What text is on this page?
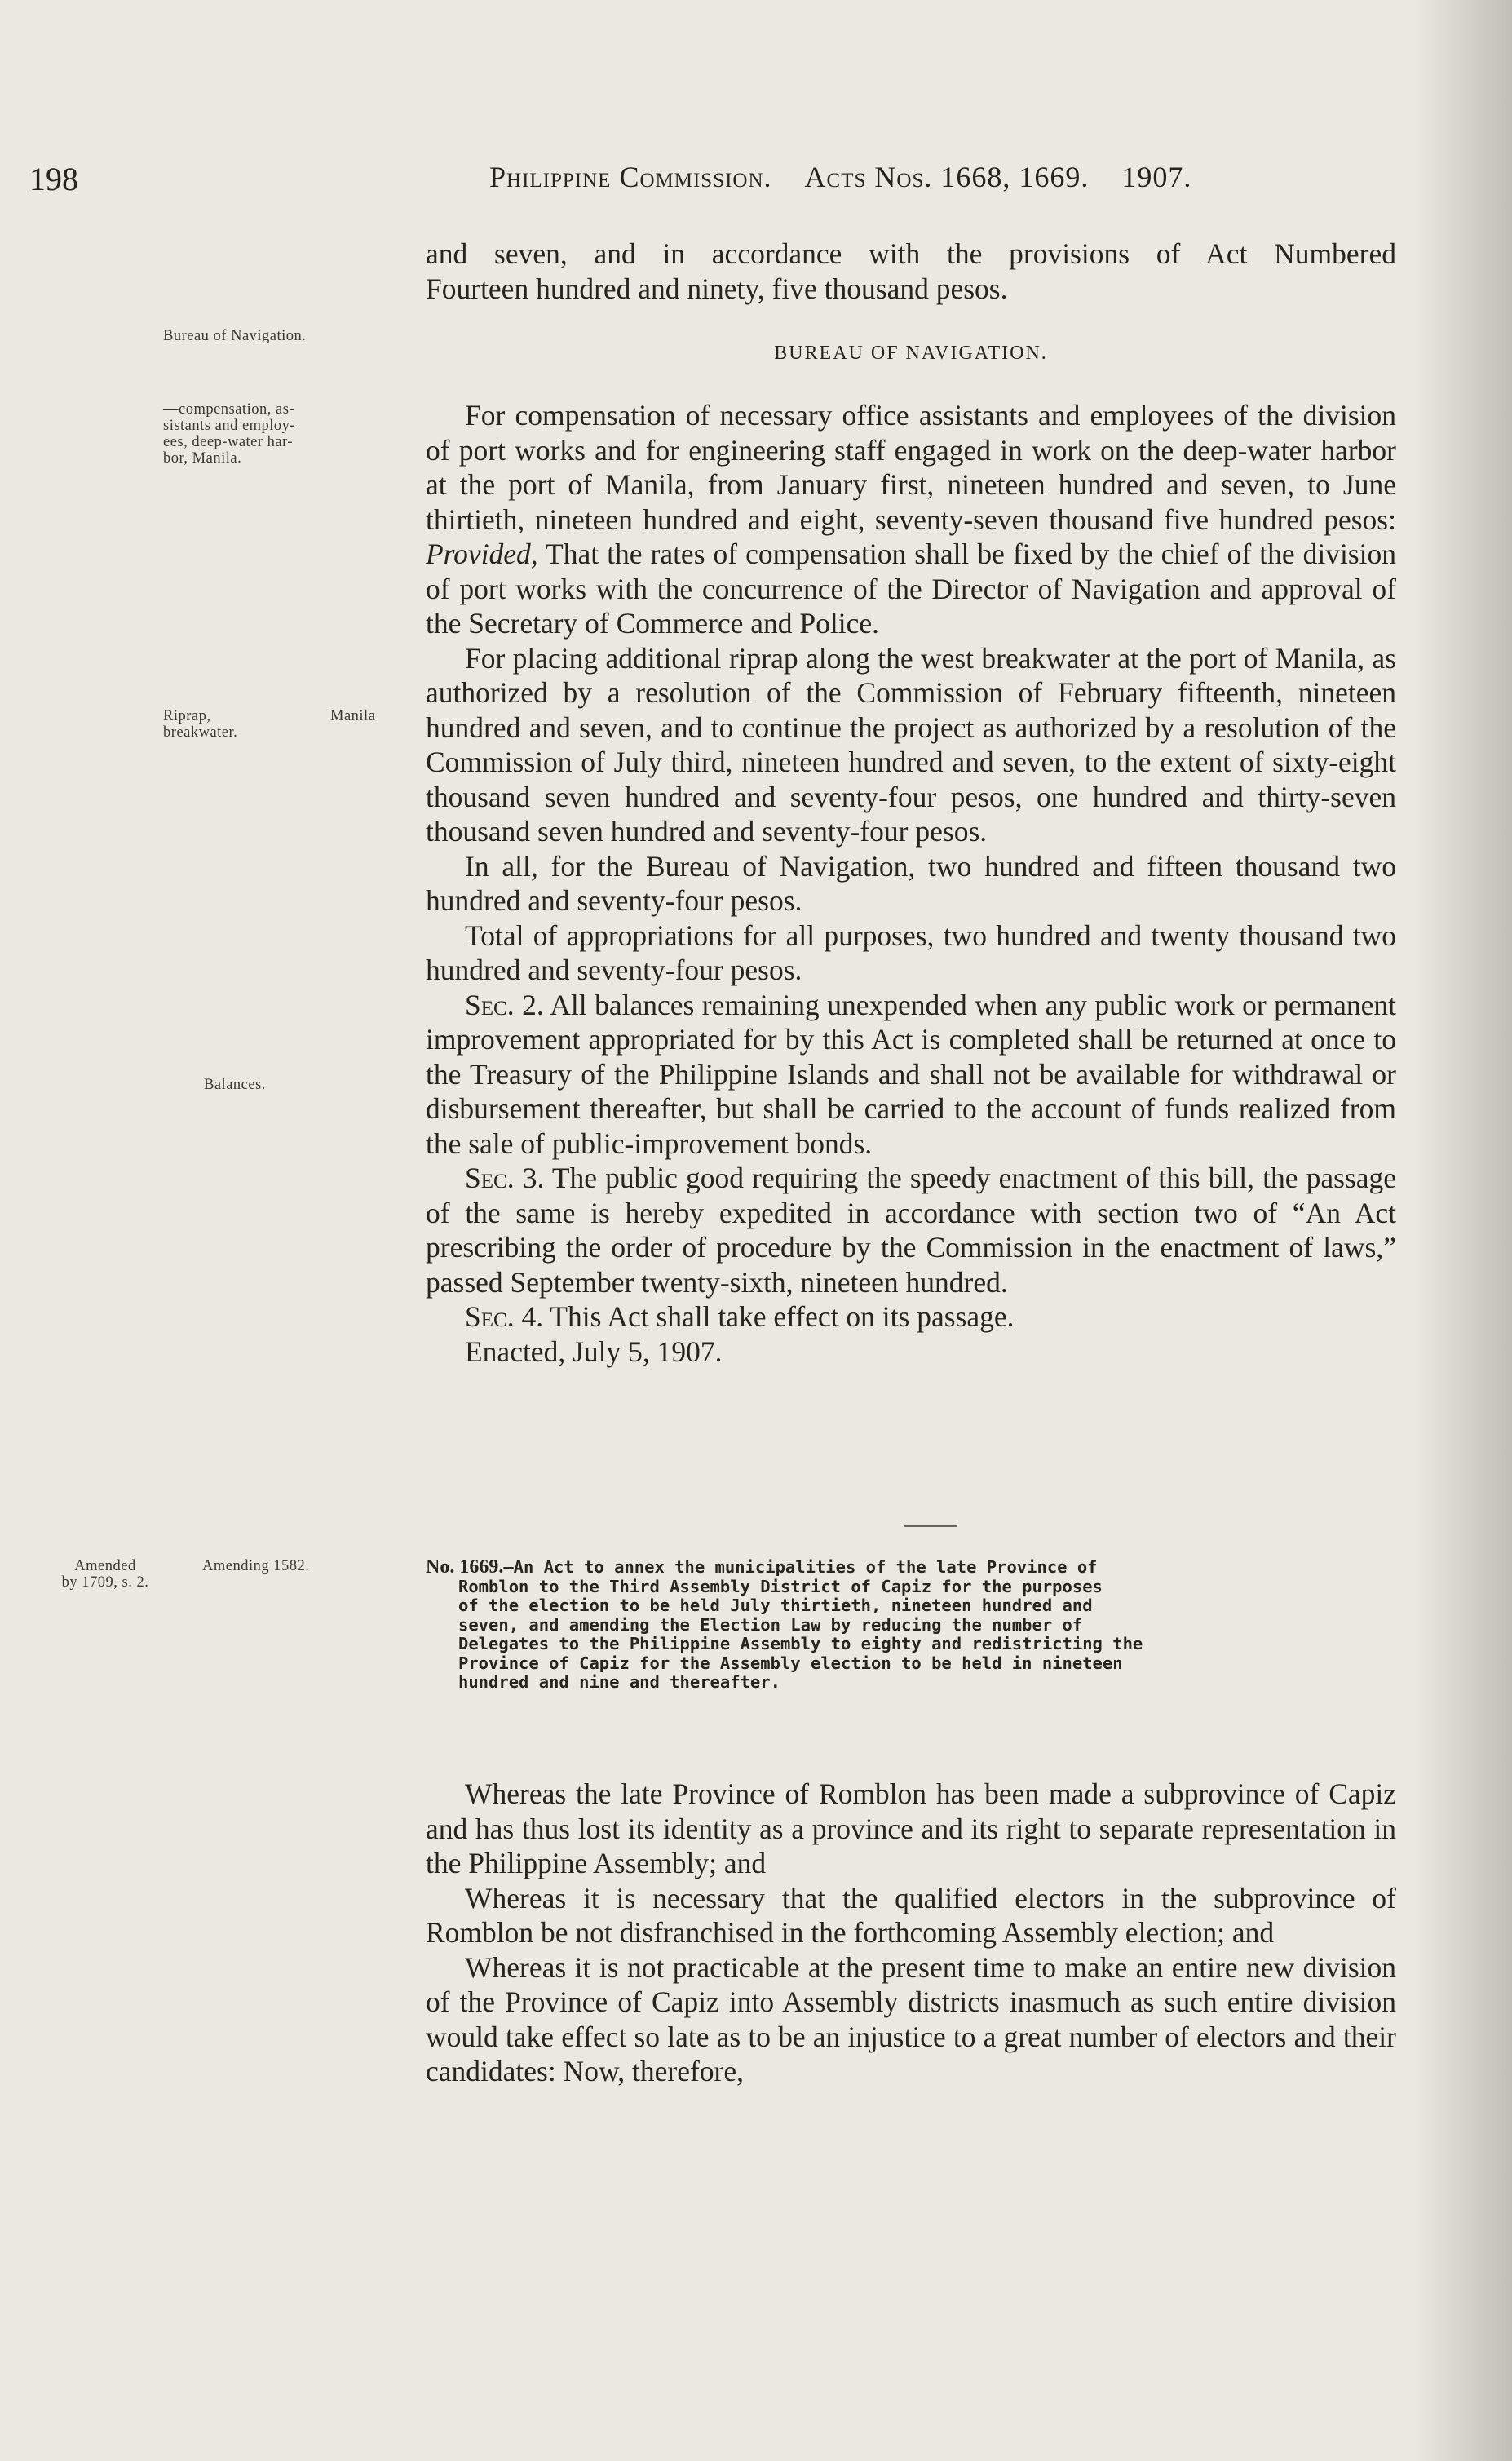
198	Philippine Commission. Acts Nos. 1668, 1669. 1907.

and seven, and in accordance with the provisions of Act Numbered

Fourteen hundred and ninety, five thousand pesos.

Bureau of Navigation.
BUREAU OF NAVIGATION.
—compensation, as-
sistants and employ-
ees, deep-water har-
bor, Manila.
Riprap,	Manila
breakwater.
Balances.

For compensation of necessary office assistants and employees of the division of port works and for engineering staff engaged in work on the deep-water harbor at the port of Manila, from January first, nineteen hundred and seven, to June thirtieth, nineteen hundred and eight, seventy-seven thousand five hundred pesos: Provided, That the rates of compensation shall be fixed by the chief of the division of port works with the concurrence of the Director of Navigation and approval of the Secretary of Commerce and Police.

For placing additional riprap along the west breakwater at the port of Manila, as authorized by a resolution of the Commission of February fifteenth, nineteen hundred and seven, and to continue the project as authorized by a resolution of the Commission of July third, nineteen hundred and seven, to the extent of sixty-eight thousand seven hundred and seventy-four pesos, one hundred and thirty-seven thousand seven hundred and seventy-four pesos.

In all, for the Bureau of Navigation, two hundred and fifteen thousand two hundred and seventy-four pesos.

Total of appropriations for all purposes, two hundred and twenty thousand two hundred and seventy-four pesos.

Sec. 2. All balances remaining unexpended when any public work or permanent improvement appropriated for by this Act is completed shall be returned at once to the Treasury of the Philippine Islands and shall not be available for withdrawal or disbursement thereafter, but shall be carried to the account of funds realized from the sale of public-improvement bonds.

Sec. 3. The public good requiring the speedy enactment of this bill, the passage of the same is hereby expedited in accordance with section two of “An Act prescribing the order of procedure by the Commission in the enactment of laws,” passed September twenty-sixth, nineteen hundred.

Sec. 4. This Act shall take effect on its passage.

Enacted, July 5, 1907.

Amended
by 1709, s. 2.
Amending 1582.	No. 1669.—An Act to annex the municipalities of the late Province of
Romblon to the Third Assembly District of Capiz for the purposes
of the election to be held July thirtieth, nineteen hundred and
seven, and amending the Election Law by reducing the number of
Delegates to the Philippine Assembly to eighty and redistricting the
Province of Capiz for the Assembly election to be held in nineteen
hundred and nine and thereafter.

Whereas the late Province of Romblon has been made a subprovince of Capiz and has thus lost its identity as a province and its right to separate representation in the Philippine Assembly; and

Whereas it is necessary that the qualified electors in the subprovince of Romblon be not disfranchised in the forthcoming Assembly election; and

Whereas it is not practicable at the present time to make an entire new division of the Province of Capiz into Assembly districts inasmuch as such entire division would take effect so late as to be an injustice to a great number of electors and their candidates: Now, therefore,
